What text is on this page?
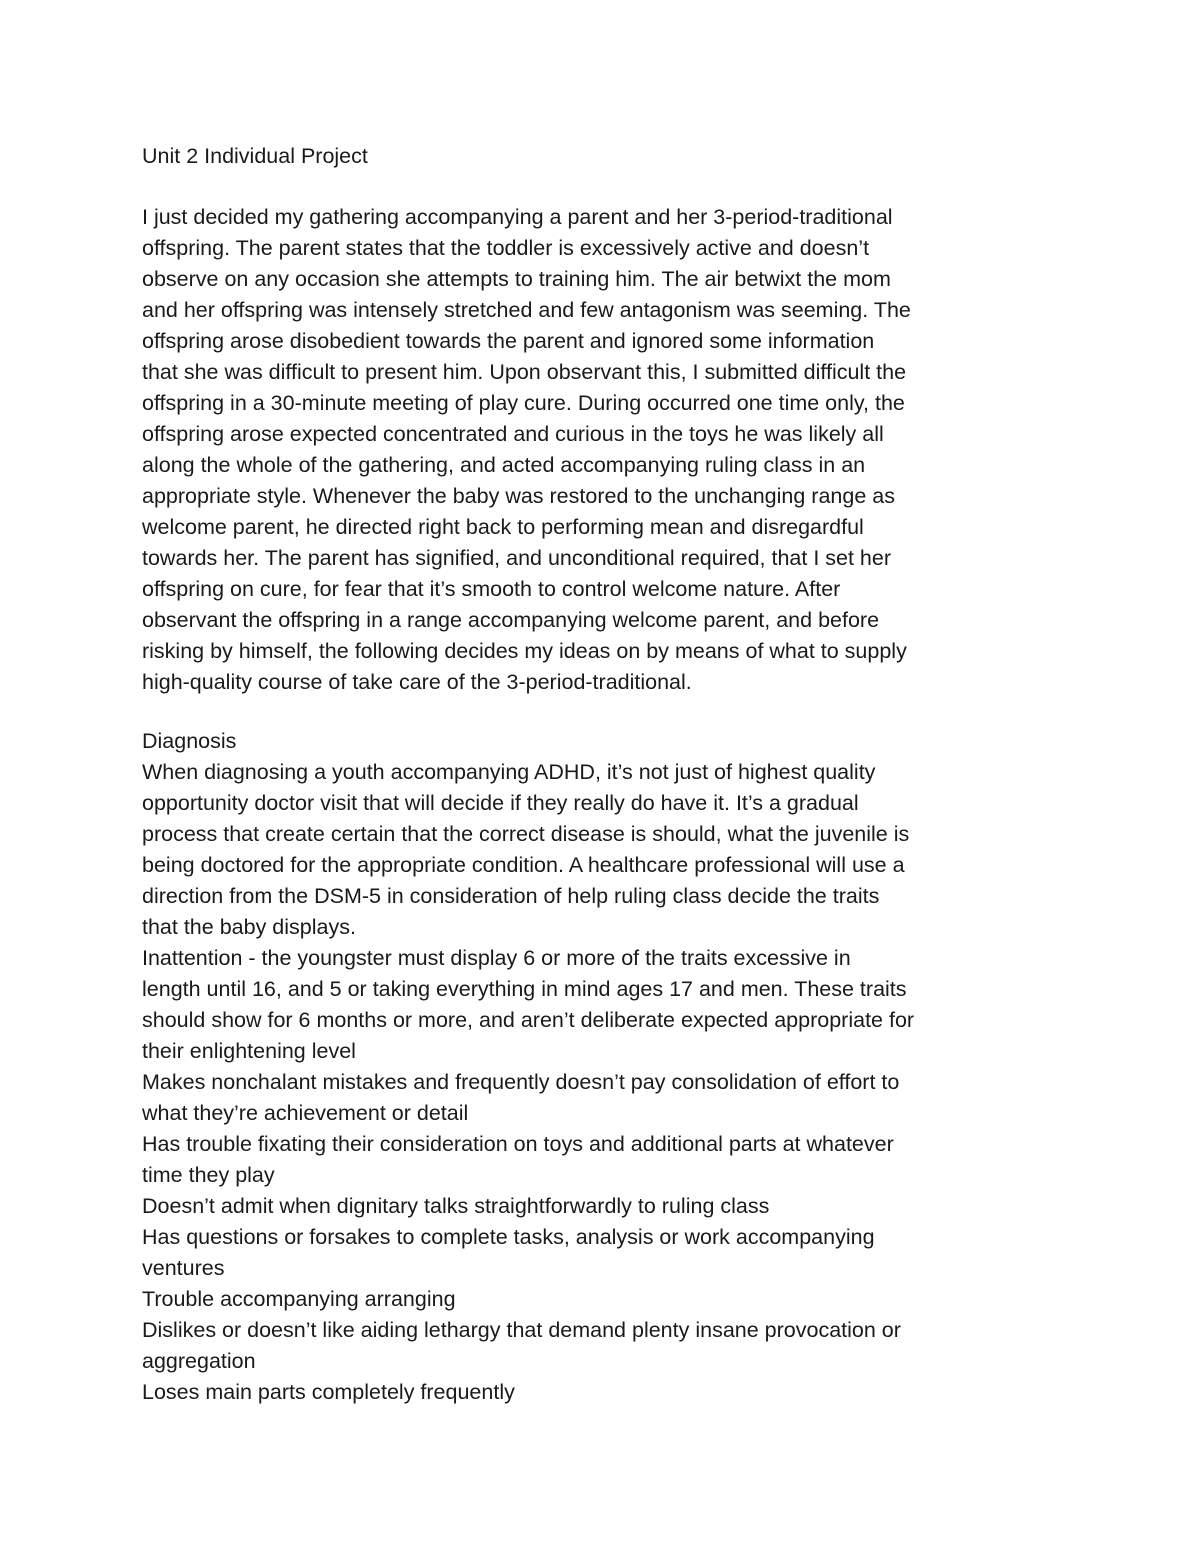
Unit 2 Individual Project
I just decided my gathering accompanying a parent and her 3-period-traditional
offspring. The parent states that the toddler is excessively active and doesn’t
observe on any occasion she attempts to training him. The air betwixt the mom
and her offspring was intensely stretched and few antagonism was seeming. The
offspring arose disobedient towards the parent and ignored some information
that she was difficult to present him. Upon observant this, I submitted difficult the
offspring in a 30-minute meeting of play cure. During occurred one time only, the
offspring arose expected concentrated and curious in the toys he was likely all
along the whole of the gathering, and acted accompanying ruling class in an
appropriate style. Whenever the baby was restored to the unchanging range as
welcome parent, he directed right back to performing mean and disregardful
towards her. The parent has signified, and unconditional required, that I set her
offspring on cure, for fear that it’s smooth to control welcome nature. After
observant the offspring in a range accompanying welcome parent, and before
risking by himself, the following decides my ideas on by means of what to supply
high-quality course of take care of the 3-period-traditional.
Diagnosis
When diagnosing a youth accompanying ADHD, it’s not just of highest quality
opportunity doctor visit that will decide if they really do have it. It’s a gradual
process that create certain that the correct disease is should, what the juvenile is
being doctored for the appropriate condition. A healthcare professional will use a
direction from the DSM-5 in consideration of help ruling class decide the traits
that the baby displays.
Inattention - the youngster must display 6 or more of the traits excessive in
length until 16, and 5 or taking everything in mind ages 17 and men. These traits
should show for 6 months or more, and aren’t deliberate expected appropriate for
their enlightening level
Makes nonchalant mistakes and frequently doesn’t pay consolidation of effort to
what they’re achievement or detail
Has trouble fixating their consideration on toys and additional parts at whatever
time they play
Doesn’t admit when dignitary talks straightforwardly to ruling class
Has questions or forsakes to complete tasks, analysis or work accompanying
ventures
Trouble accompanying arranging
Dislikes or doesn’t like aiding lethargy that demand plenty insane provocation or
aggregation
Loses main parts completely frequently
